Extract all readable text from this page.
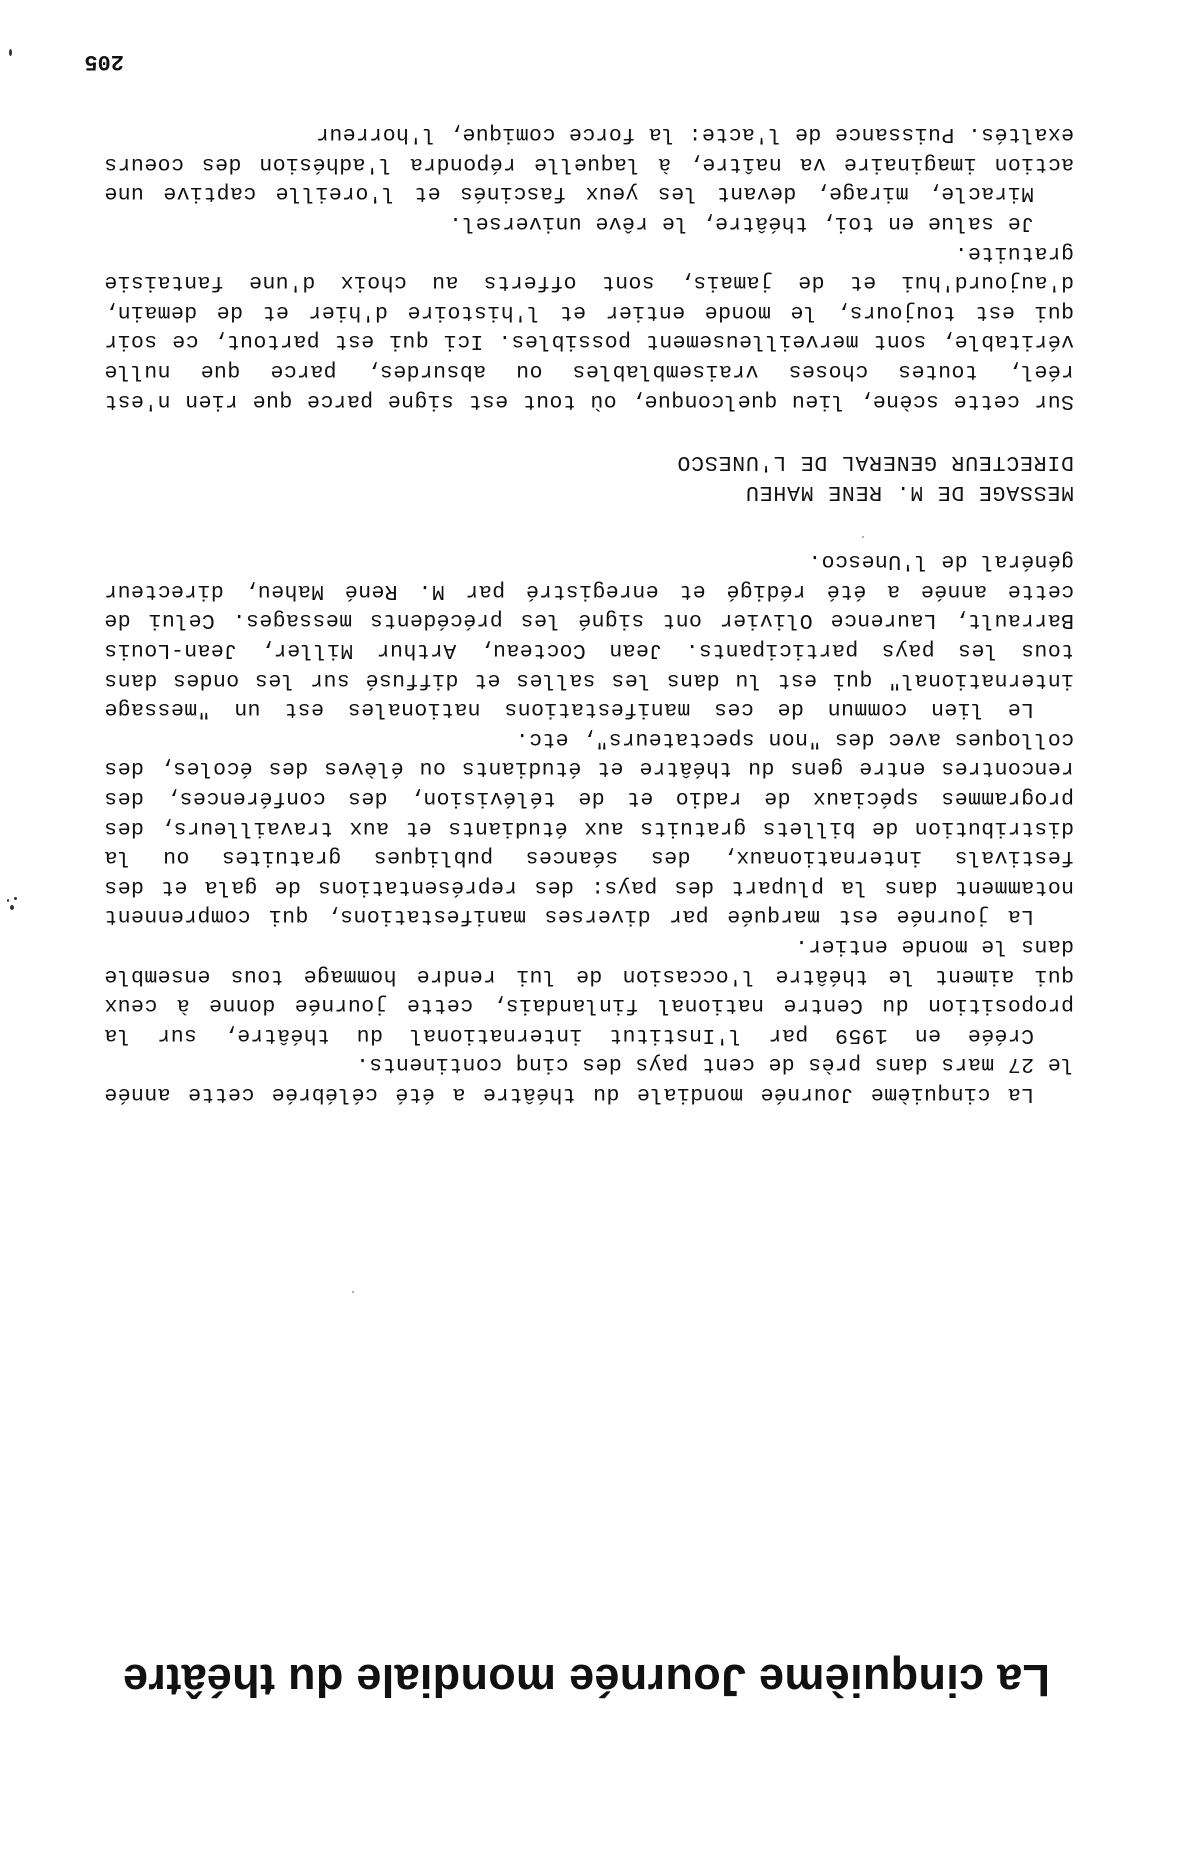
La cinquième Journée mondiale du théâtre

La cinquième Journée mondiale du théâtre a été célébrée cette année le 27 mars dans près de cent pays des cinq continents.

Créée en 1959 par l'Institut international du théâtre, sur la proposition du Centre national finlandais, cette journée donne à ceux qui aiment le théâtre l'occasion de lui rendre hommage tous ensemble dans le monde entier.

La journée est marquée par diverses manifestations, qui comprennent notamment dans la plupart des pays: des représentations de gala et des festivals internationaux, des séances publiques gratuites ou la distribution de billets gratuits aux étudiants et aux travailleurs, des programmes spéciaux de radio et de télévision, des conférences, des rencontres entre gens du théâtre et étudiants ou élèves des écoles, des colloques avec des "non spectateurs", etc.

Le lien commun de ces manifestations nationales est un "message international" qui est lu dans les salles et diffusé sur les ondes dans tous les pays participants. Jean Cocteau, Arthur Miller, Jean-Louis Barrault, Laurence Olivier ont signé les précédents messages. Celui de cette année a été rédigé et enregistré par M. René Maheu, directeur général de l'Unesco.

MESSAGE DE M. RENE MAHEU
DIRECTEUR GENERAL DE L'UNESCO

Sur cette scène, lieu quelconque, où tout est signe parce que rien n'est réel, toutes choses vraisemblables ou absurdes, parce que nulle véritable, sont merveilleusement possibles. Ici qui est partout, ce soir qui est toujours, le monde entier et l'histoire d'hier et de demain, d'aujourd'hui et de jamais, sont offerts au choix d'une fantaisie gratuite.

Je salue en toi, théâtre, le rêve universel.

Miracle, mirage, devant les yeux fascinés et l'oreille captive une action imaginaire va naître, à laquelle répondra l'adhésion des coeurs exaltés. Puissance de l'acte: la force comique, l'horreur

205
